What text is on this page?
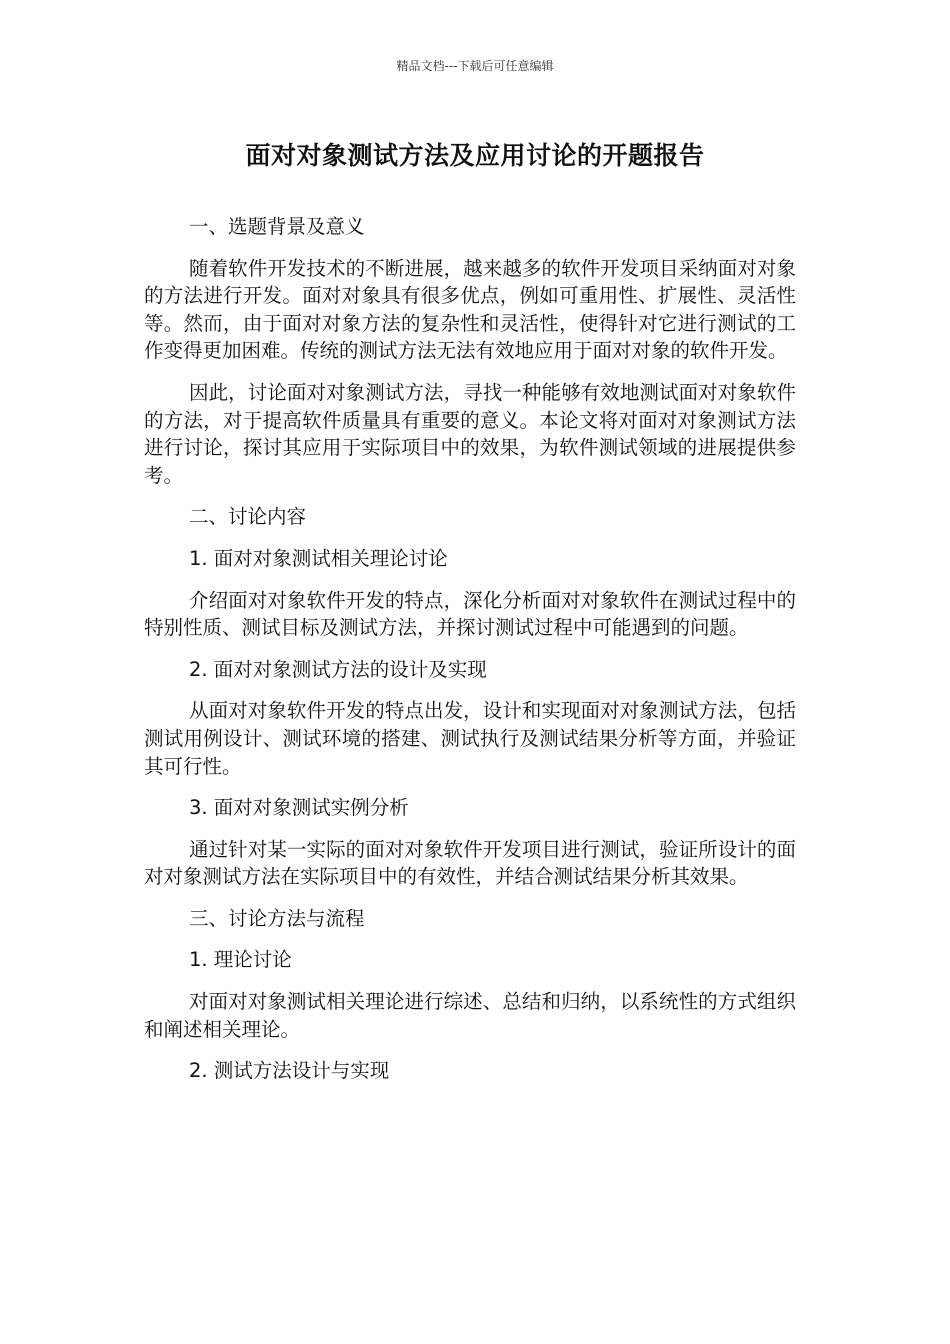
精品文档---下载后可任意编辑
面对对象测试方法及应用讨论的开题报告

一、选题背景及意义

随着软件开发技术的不断进展，越来越多的软件开发项目采纳面对对象的方法进行开发。面对对象具有很多优点，例如可重用性、扩展性、灵活性等。然而，由于面对对象方法的复杂性和灵活性，使得针对它进行测试的工作变得更加困难。传统的测试方法无法有效地应用于面对对象的软件开发。

因此，讨论面对对象测试方法，寻找一种能够有效地测试面对对象软件的方法，对于提高软件质量具有重要的意义。本论文将对面对对象测试方法进行讨论，探讨其应用于实际项目中的效果，为软件测试领域的进展提供参考。

二、讨论内容

1. 面对对象测试相关理论讨论

介绍面对对象软件开发的特点，深化分析面对对象软件在测试过程中的特别性质、测试目标及测试方法，并探讨测试过程中可能遇到的问题。

2. 面对对象测试方法的设计及实现

从面对对象软件开发的特点出发，设计和实现面对对象测试方法，包括测试用例设计、测试环境的搭建、测试执行及测试结果分析等方面，并验证其可行性。

3. 面对对象测试实例分析

通过针对某一实际的面对对象软件开发项目进行测试，验证所设计的面对对象测试方法在实际项目中的有效性，并结合测试结果分析其效果。

三、讨论方法与流程

1. 理论讨论

对面对对象测试相关理论进行综述、总结和归纳，以系统性的方式组织和阐述相关理论。

2. 测试方法设计与实现
